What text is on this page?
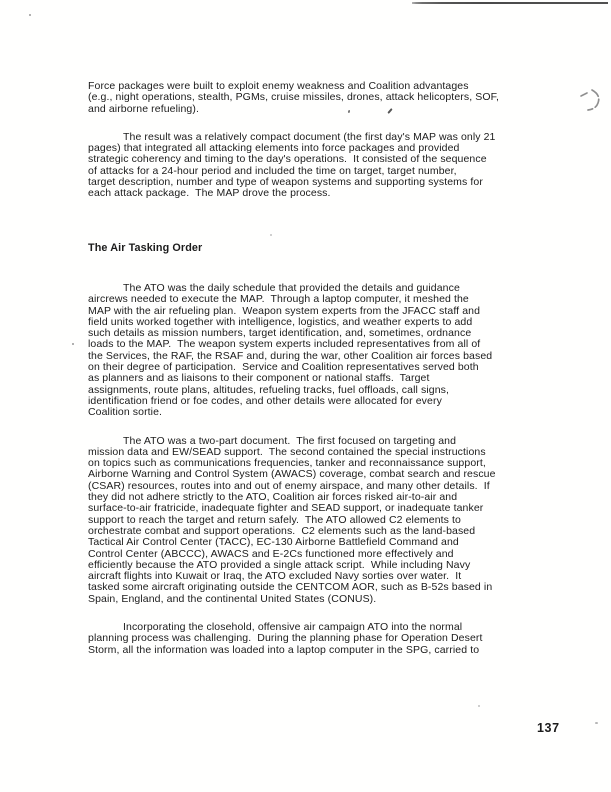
Force packages were built to exploit enemy weakness and Coalition advantages
(e.g., night operations, stealth, PGMs, cruise missiles, drones, attack helicopters, SOF,
and airborne refueling).
The result was a relatively compact document (the first day's MAP was only 21
pages) that integrated all attacking elements into force packages and provided
strategic coherency and timing to the day's operations.  It consisted of the sequence
of attacks for a 24-hour period and included the time on target, target number,
target description, number and type of weapon systems and supporting systems for
each attack package.  The MAP drove the process.
The Air Tasking Order
The ATO was the daily schedule that provided the details and guidance
aircrews needed to execute the MAP.  Through a laptop computer, it meshed the
MAP with the air refueling plan.  Weapon system experts from the JFACC staff and
field units worked together with intelligence, logistics, and weather experts to add
such details as mission numbers, target identification, and, sometimes, ordnance
loads to the MAP.  The weapon system experts included representatives from all of
the Services, the RAF, the RSAF and, during the war, other Coalition air forces based
on their degree of participation.  Service and Coalition representatives served both
as planners and as liaisons to their component or national staffs.  Target
assignments, route plans, altitudes, refueling tracks, fuel offloads, call signs,
identification friend or foe codes, and other details were allocated for every
Coalition sortie.
The ATO was a two-part document.  The first focused on targeting and
mission data and EW/SEAD support.  The second contained the special instructions
on topics such as communications frequencies, tanker and reconnaissance support,
Airborne Warning and Control System (AWACS) coverage, combat search and rescue
(CSAR) resources, routes into and out of enemy airspace, and many other details.  If
they did not adhere strictly to the ATO, Coalition air forces risked air-to-air and
surface-to-air fratricide, inadequate fighter and SEAD support, or inadequate tanker
support to reach the target and return safely.  The ATO allowed C2 elements to
orchestrate combat and support operations.  C2 elements such as the land-based
Tactical Air Control Center (TACC), EC-130 Airborne Battlefield Command and
Control Center (ABCCC), AWACS and E-2Cs functioned more effectively and
efficiently because the ATO provided a single attack script.  While including Navy
aircraft flights into Kuwait or Iraq, the ATO excluded Navy sorties over water.  It
tasked some aircraft originating outside the CENTCOM AOR, such as B-52s based in
Spain, England, and the continental United States (CONUS).
Incorporating the closehold, offensive air campaign ATO into the normal
planning process was challenging.  During the planning phase for Operation Desert
Storm, all the information was loaded into a laptop computer in the SPG, carried to
137
